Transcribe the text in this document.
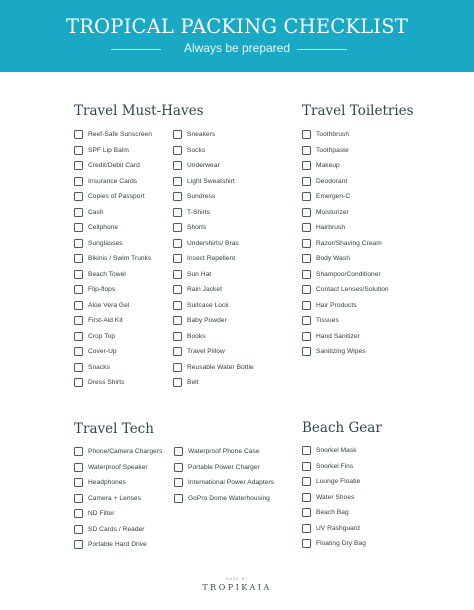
TROPICAL PACKING CHECKLIST
Always be prepared
Travel Must-Haves
Reef-Safe Sunscreen
SPF Lip Balm
Credit/Debit Card
Insurance Cards
Copies of Passport
Cash
Cellphone
Sunglasses
Bikinis / Swim Trunks
Beach Towel
Flip-flops
Aloe Vera Gel
First-Aid Kit
Crop Top
Cover-Up
Snacks
Dress Shirts
Sneakers
Socks
Underwear
Light Sweatshirt
Sundress
T-Shirts
Shorts
Undershirts/ Bras
Insect Repellent
Sun Hat
Rain Jacket
Suitcase Lock
Baby Powder
Books
Travel Pillow
Reusable Water Bottle
Belt
Travel Toiletries
Toothbrush
Toothpaste
Makeup
Deodorant
Emergen-C
Moisturizer
Hairbrush
Razor/Shaving Cream
Body Wash
Shampoo/Conditioner
Contact Lenses/Solution
Hair Products
Tissues
Hand Sanitizer
Sanitizing Wipes
Travel Tech
Phone/Camera Chargers
Waterproof Speaker
Headphones
Camera + Lenses
ND Filter
SD Cards / Reader
Portable Hard Drive
Waterproof Phone Case
Portable Power Charger
International Power Adapters
GoPro Dome Waterhousing
Beach Gear
Snorkel Mask
Snorkel Fins
Lounge Floatie
Water Shoes
Beach Bag
UV Rashguard
Floating Dry Bag
MADE BY
TROPIKAIA
